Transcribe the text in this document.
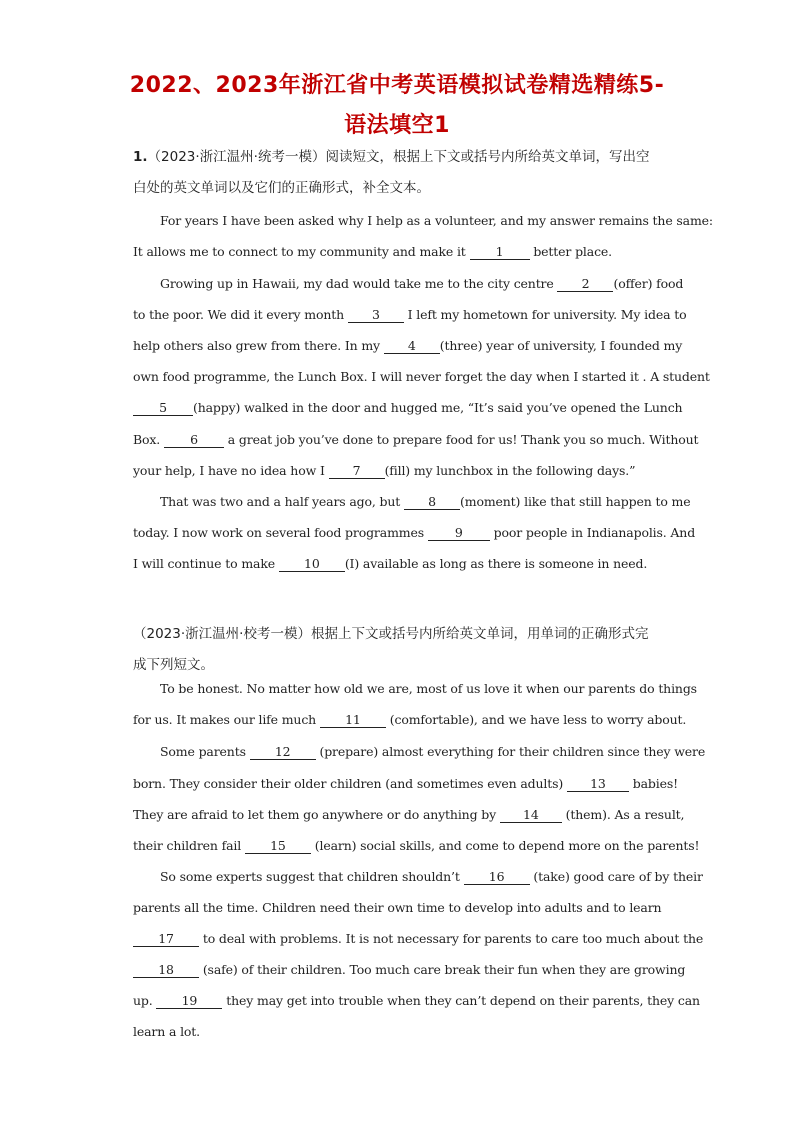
2022、2023年浙江省中考英语模拟试卷精选精练5-
语法填空1
1.（2023·浙江温州·统考一模）阅读短文，根据上下文或括号内所给英文单词，写出空
白处的英文单词以及它们的正确形式，补全文本。
For years I have been asked why I help as a volunteer, and my answer remains the same:
It allows me to connect to my community and make it 1 better place.
Growing up in Hawaii, my dad would take me to the city centre 2 (offer) food
to the poor. We did it every month 3 I left my hometown for university. My idea to
help others also grew from there. In my 4 (three) year of university, I founded my
own food programme, the Lunch Box. I will never forget the day when I started it . A student
5 (happy) walked in the door and hugged me, “It’s said you’ve opened the Lunch
Box. 6 a great job you’ve done to prepare food for us! Thank you so much. Without
your help, I have no idea how I 7 (fill) my lunchbox in the following days.”
That was two and a half years ago, but 8 (moment) like that still happen to me
today. I now work on several food programmes 9 poor people in Indianapolis. And
I will continue to make 10 (I) available as long as there is someone in need.
（2023·浙江温州·校考一模）根据上下文或括号内所给英文单词，用单词的正确形式完
成下列短文。
To be honest. No matter how old we are, most of us love it when our parents do things
for us. It makes our life much 11 (comfortable), and we have less to worry about.
Some parents 12 (prepare) almost everything for their children since they were
born. They consider their older children (and sometimes even adults) 13 babies!
They are afraid to let them go anywhere or do anything by 14 (them). As a result,
their children fail 15 (learn) social skills, and come to depend more on the parents!
So some experts suggest that children shouldn’t 16 (take) good care of by their
parents all the time. Children need their own time to develop into adults and to learn
17 to deal with problems. It is not necessary for parents to care too much about the
18 (safe) of their children. Too much care break their fun when they are growing
up. 19 they may get into trouble when they can’t depend on their parents, they can
learn a lot.
